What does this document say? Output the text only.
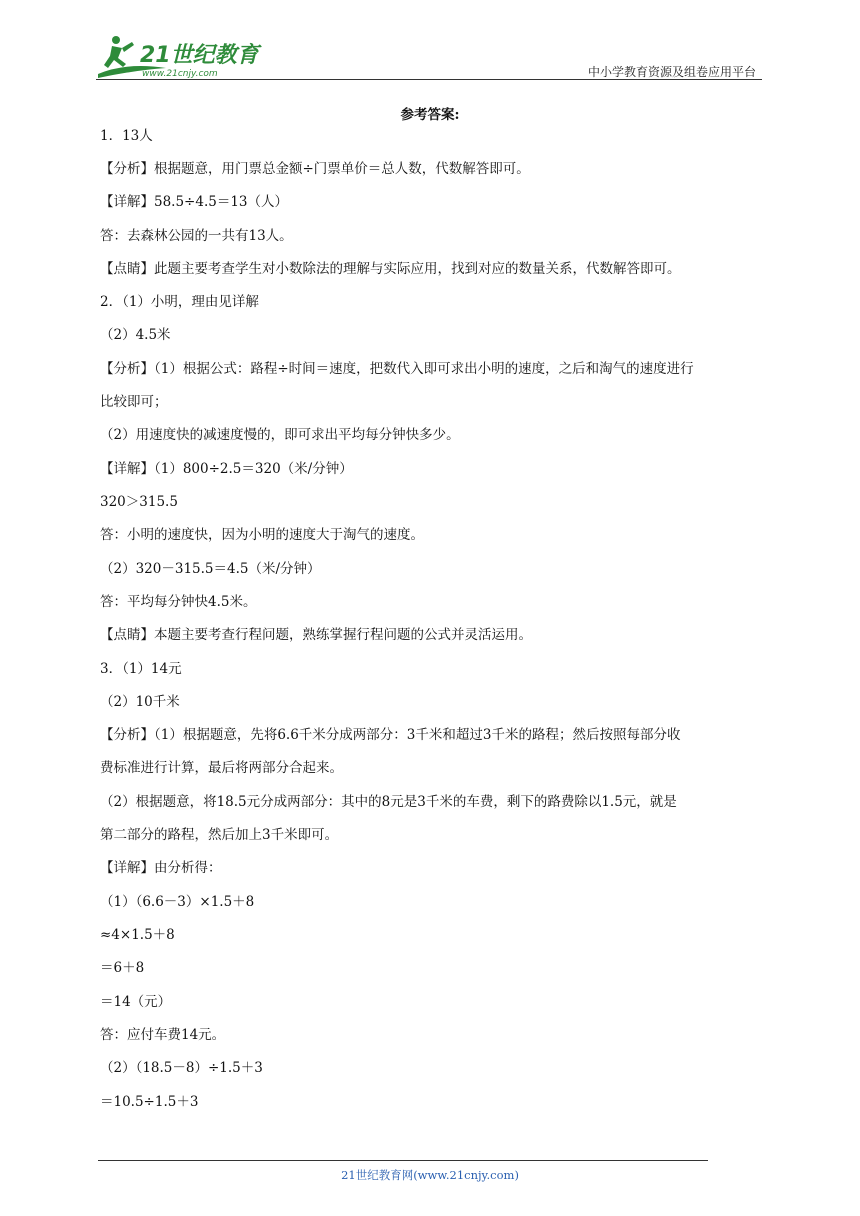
21世纪教育
www.21cnjy.com	中小学教育资源及组卷应用平台
参考答案:

1．13人

【分析】根据题意，用门票总金额÷门票单价＝总人数，代数解答即可。

【详解】58.5÷4.5＝13（人）

答：去森林公园的一共有13人。

【点睛】此题主要考查学生对小数除法的理解与实际应用，找到对应的数量关系，代数解答即可。

2．（1）小明，理由见详解

（2）4.5米

【分析】（1）根据公式：路程÷时间＝速度，把数代入即可求出小明的速度，之后和淘气的速度进行

比较即可；

（2）用速度快的减速度慢的，即可求出平均每分钟快多少。

【详解】（1）800÷2.5＝320（米/分钟）

320＞315.5

答：小明的速度快，因为小明的速度大于淘气的速度。

（2）320－315.5＝4.5（米/分钟）

答：平均每分钟快4.5米。

【点睛】本题主要考查行程问题，熟练掌握行程问题的公式并灵活运用。

3．（1）14元

（2）10千米

【分析】（1）根据题意，先将6.6千米分成两部分：3千米和超过3千米的路程；然后按照每部分收

费标准进行计算，最后将两部分合起来。

（2）根据题意，将18.5元分成两部分：其中的8元是3千米的车费，剩下的路费除以1.5元，就是

第二部分的路程，然后加上3千米即可。

【详解】由分析得：

（1）（6.6－3）×1.5＋8

≈4×1.5＋8

＝6＋8

＝14（元）

答：应付车费14元。

（2）（18.5－8）÷1.5＋3

＝10.5÷1.5＋3

21世纪教育网(www.21cnjy.com)
